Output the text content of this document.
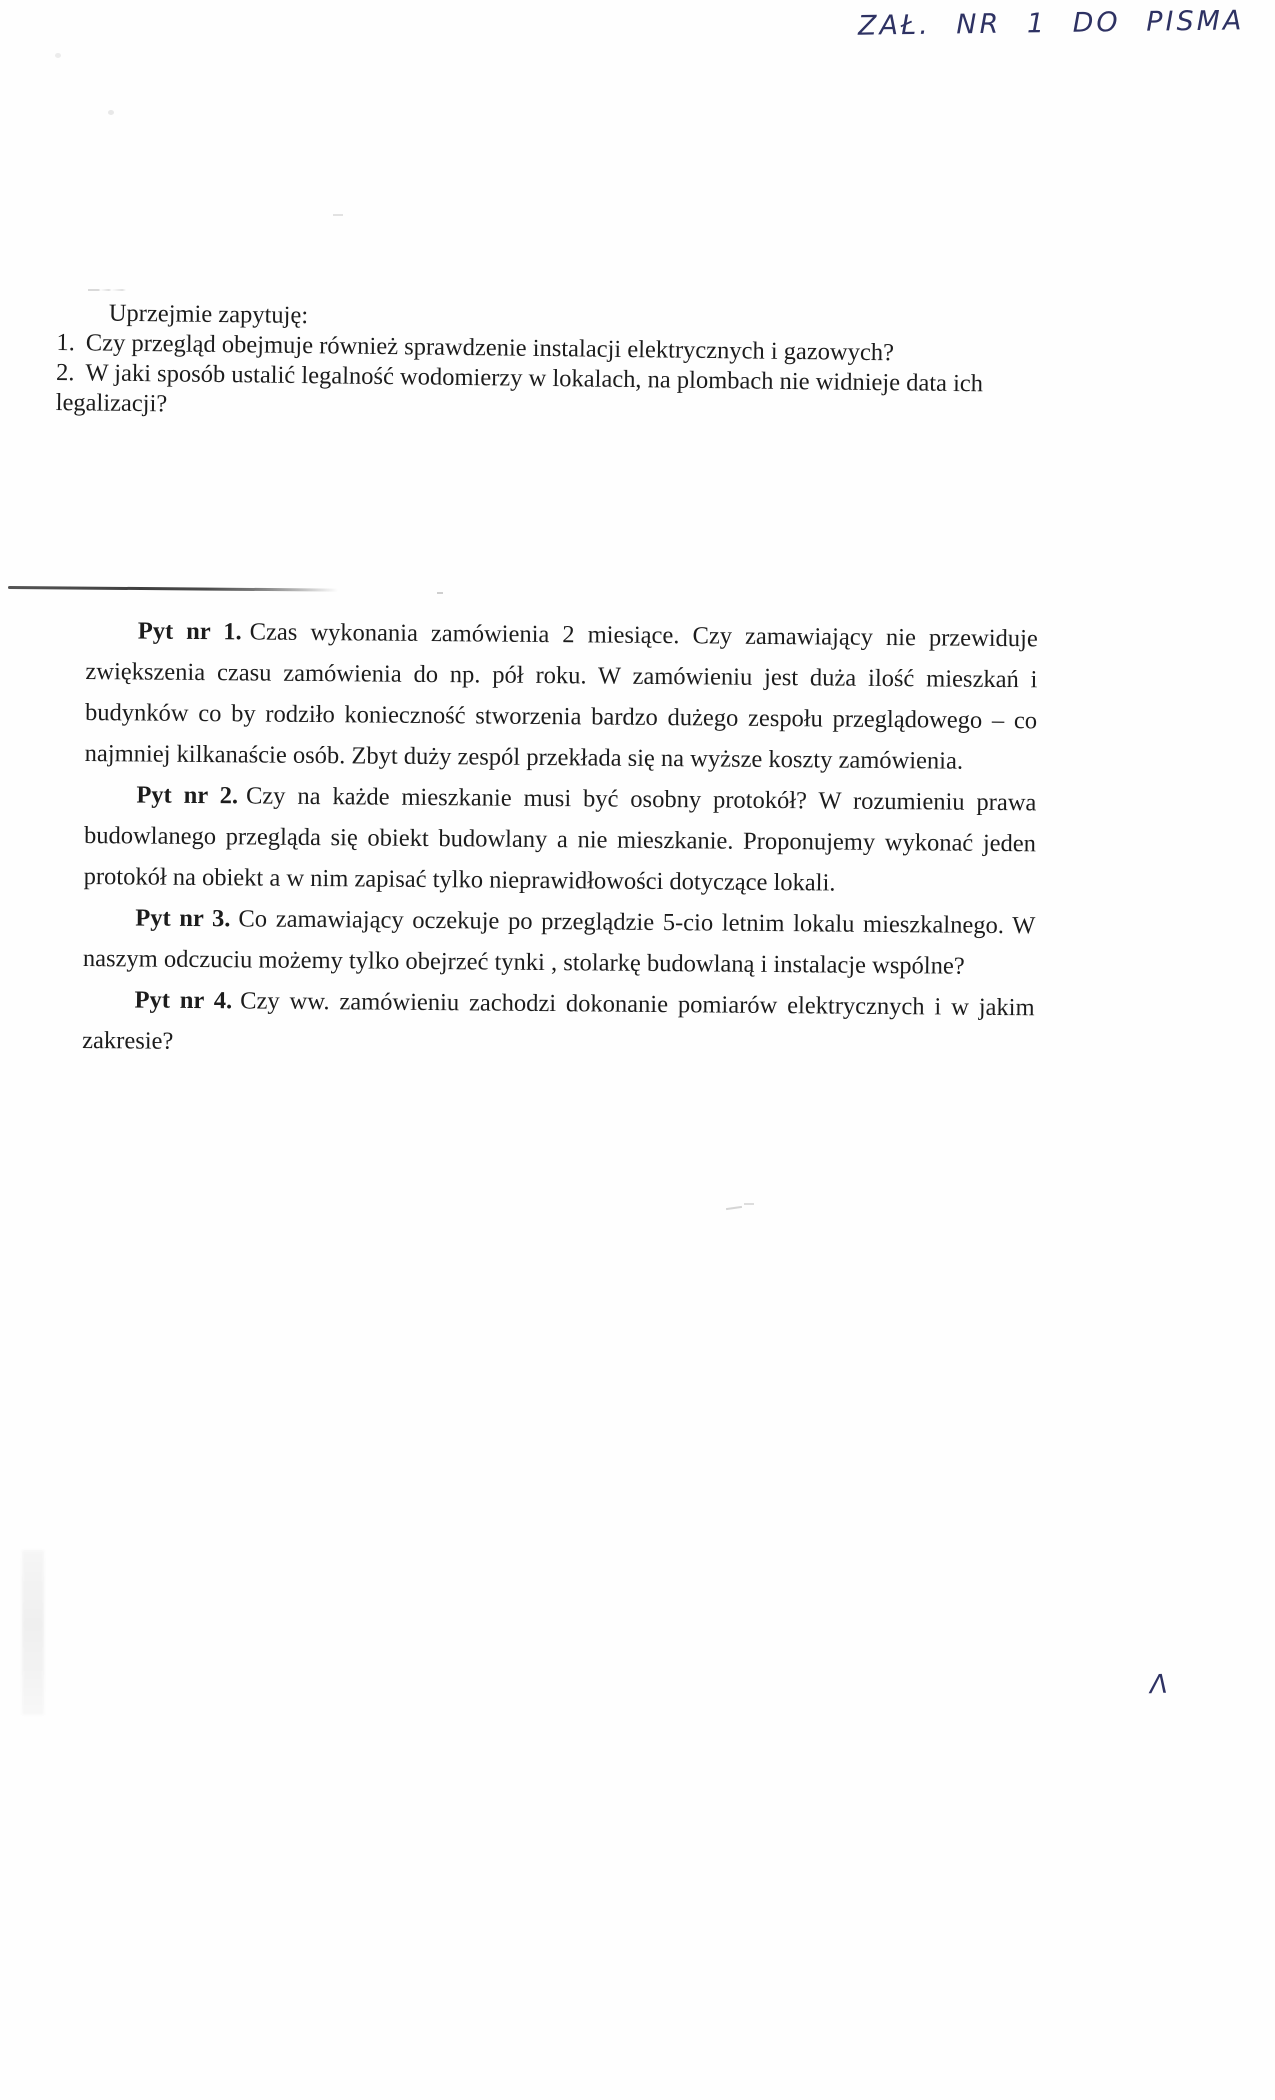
ZAŁ. NR 1 DO PISMA

Uprzejmie zapytuję:

1. Czy przegląd obejmuje również sprawdzenie instalacji elektrycznych i gazowych?

2. W jaki sposób ustalić legalność wodomierzy w lokalach, na plombach nie widnieje data ich legalizacji?

Pyt nr 1. Czas wykonania zamówienia 2 miesiące. Czy zamawiający nie przewiduje zwiększenia czasu zamówienia do np. pół roku. W zamówieniu jest duża ilość mieszkań i budynków co by rodziło konieczność stworzenia bardzo dużego zespołu przeglądowego – co najmniej kilkanaście osób. Zbyt duży zespól przekłada się na wyższe koszty zamówienia.

Pyt nr 2. Czy na każde mieszkanie musi być osobny protokół? W rozumieniu prawa budowlanego przegląda się obiekt budowlany a nie mieszkanie. Proponujemy wykonać jeden protokół na obiekt a w nim zapisać tylko nieprawidłowości dotyczące lokali.

Pyt nr 3. Co zamawiający oczekuje po przeglądzie 5-cio letnim lokalu mieszkalnego. W naszym odczuciu możemy tylko obejrzeć tynki , stolarkę budowlaną i instalacje wspólne?

Pyt nr 4. Czy ww. zamówieniu zachodzi dokonanie pomiarów elektrycznych i w jakim zakresie?

Λ
